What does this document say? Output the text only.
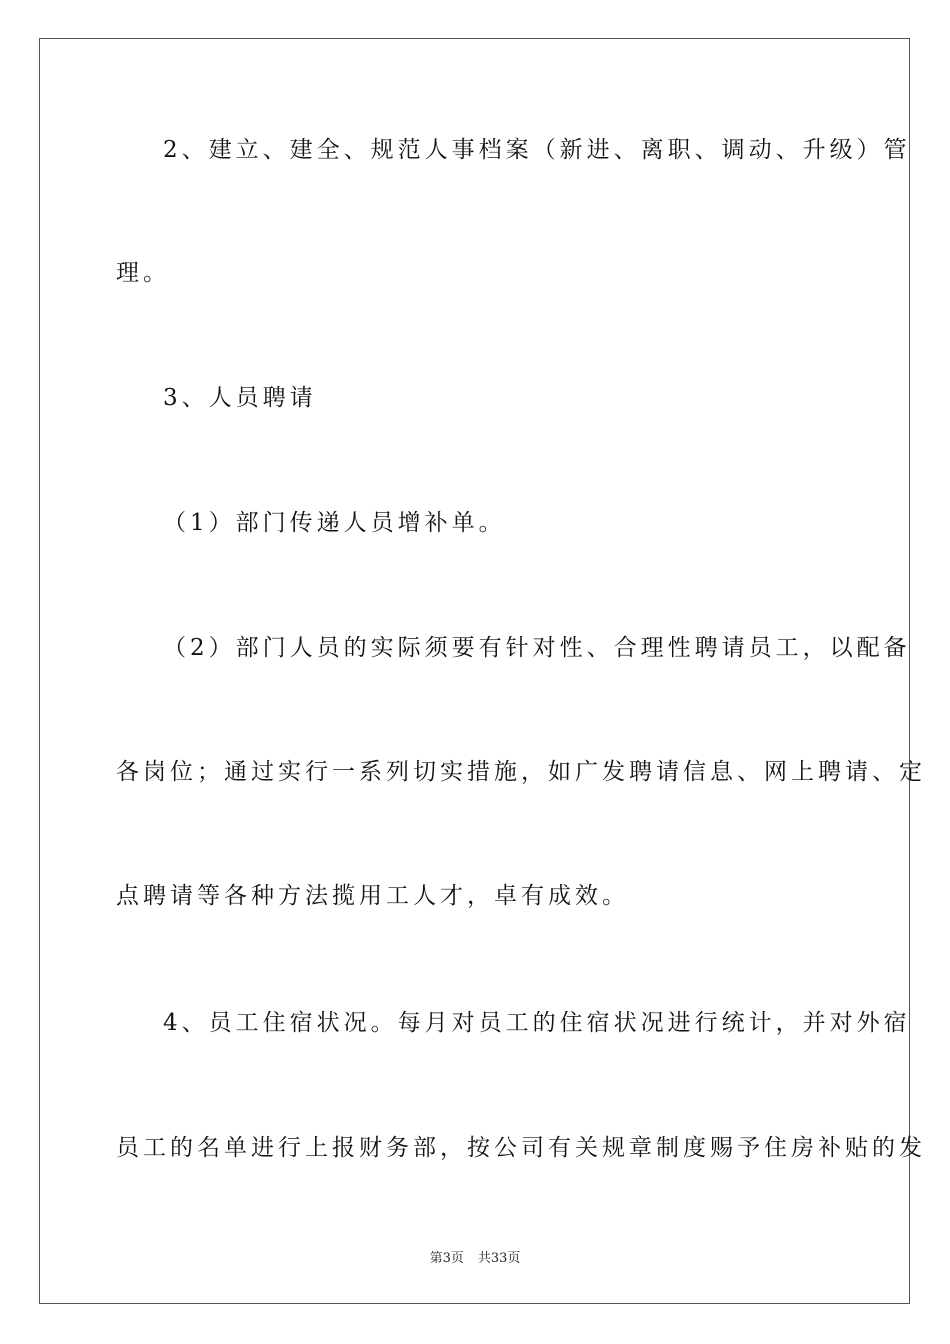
2、建立、建全、规范人事档案（新进、离职、调动、升级）管
理。
3、人员聘请
（1）部门传递人员增补单。
（2）部门人员的实际须要有针对性、合理性聘请员工，以配备
各岗位；通过实行一系列切实措施，如广发聘请信息、网上聘请、定
点聘请等各种方法揽用工人才，卓有成效。
4、员工住宿状况。每月对员工的住宿状况进行统计，并对外宿
员工的名单进行上报财务部，按公司有关规章制度赐予住房补贴的发
第3页 共33页
